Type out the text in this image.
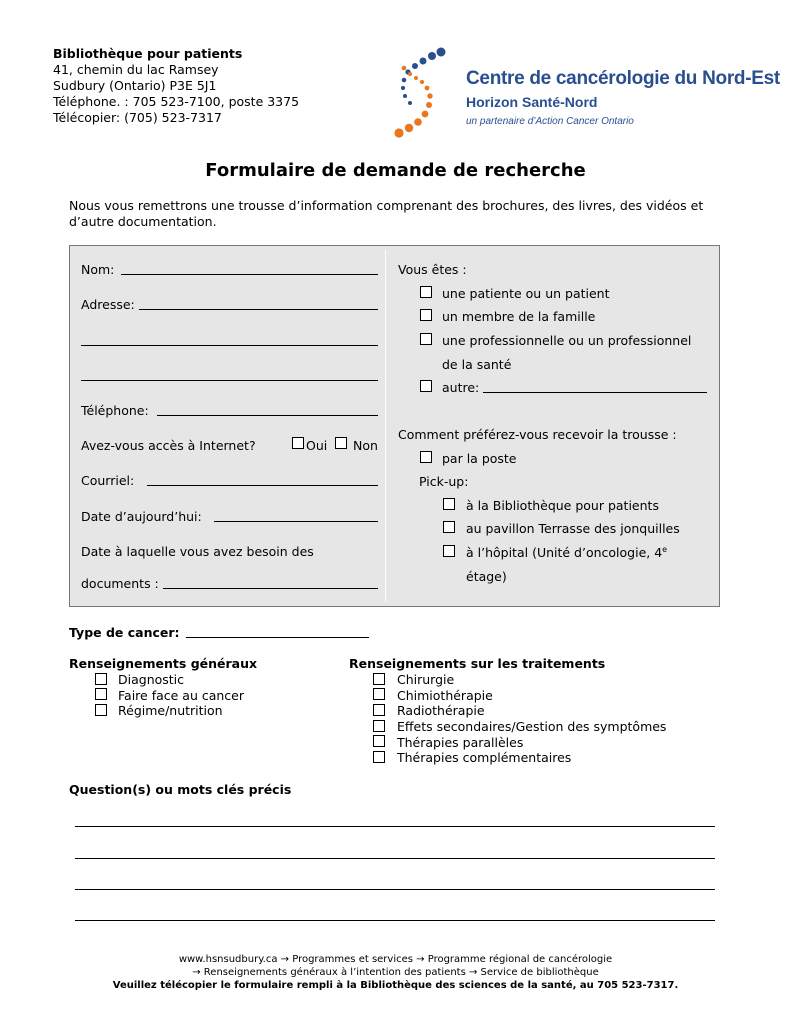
Bibliothèque pour patients
41, chemin du lac Ramsey
Sudbury (Ontario) P3E 5J1
Téléphone. : 705 523-7100, poste 3375
Télécopier: (705) 523-7317
Centre de cancérologie du Nord-Est
Horizon Santé-Nord
un partenaire d’Action Cancer Ontario
Formulaire de demande de recherche
Nous vous remettrons une trousse d’information comprenant des brochures, des livres, des vidéos et d’autre documentation.
Nom:
Adresse:
Téléphone:
Avez-vous accès à Internet?	Oui Non
Courriel:
Date d’aujourd’hui:
Date à laquelle vous avez besoin des
documents :
Vous êtes :
une patiente ou un patient
un membre de la famille
une professionnelle ou un professionnel
de la santé
autre:
Comment préférez-vous recevoir la trousse :
par la poste
Pick-up:
à la Bibliothèque pour patients
au pavillon Terrasse des jonquilles
à l’hôpital (Unité d’oncologie, 4e
étage)
Type de cancer:
Renseignements généraux
Diagnostic
Faire face au cancer
Régime/nutrition
Renseignements sur les traitements
Chirurgie
Chimiothérapie
Radiothérapie
Effets secondaires/Gestion des symptômes
Thérapies parallèles
Thérapies complémentaires
Question(s) ou mots clés précis
www.hsnsudbury.ca → Programmes et services → Programme régional de cancérologie
→ Renseignements généraux à l’intention des patients → Service de bibliothèque
Veuillez télécopier le formulaire rempli à la Bibliothèque des sciences de la santé, au 705 523-7317.
